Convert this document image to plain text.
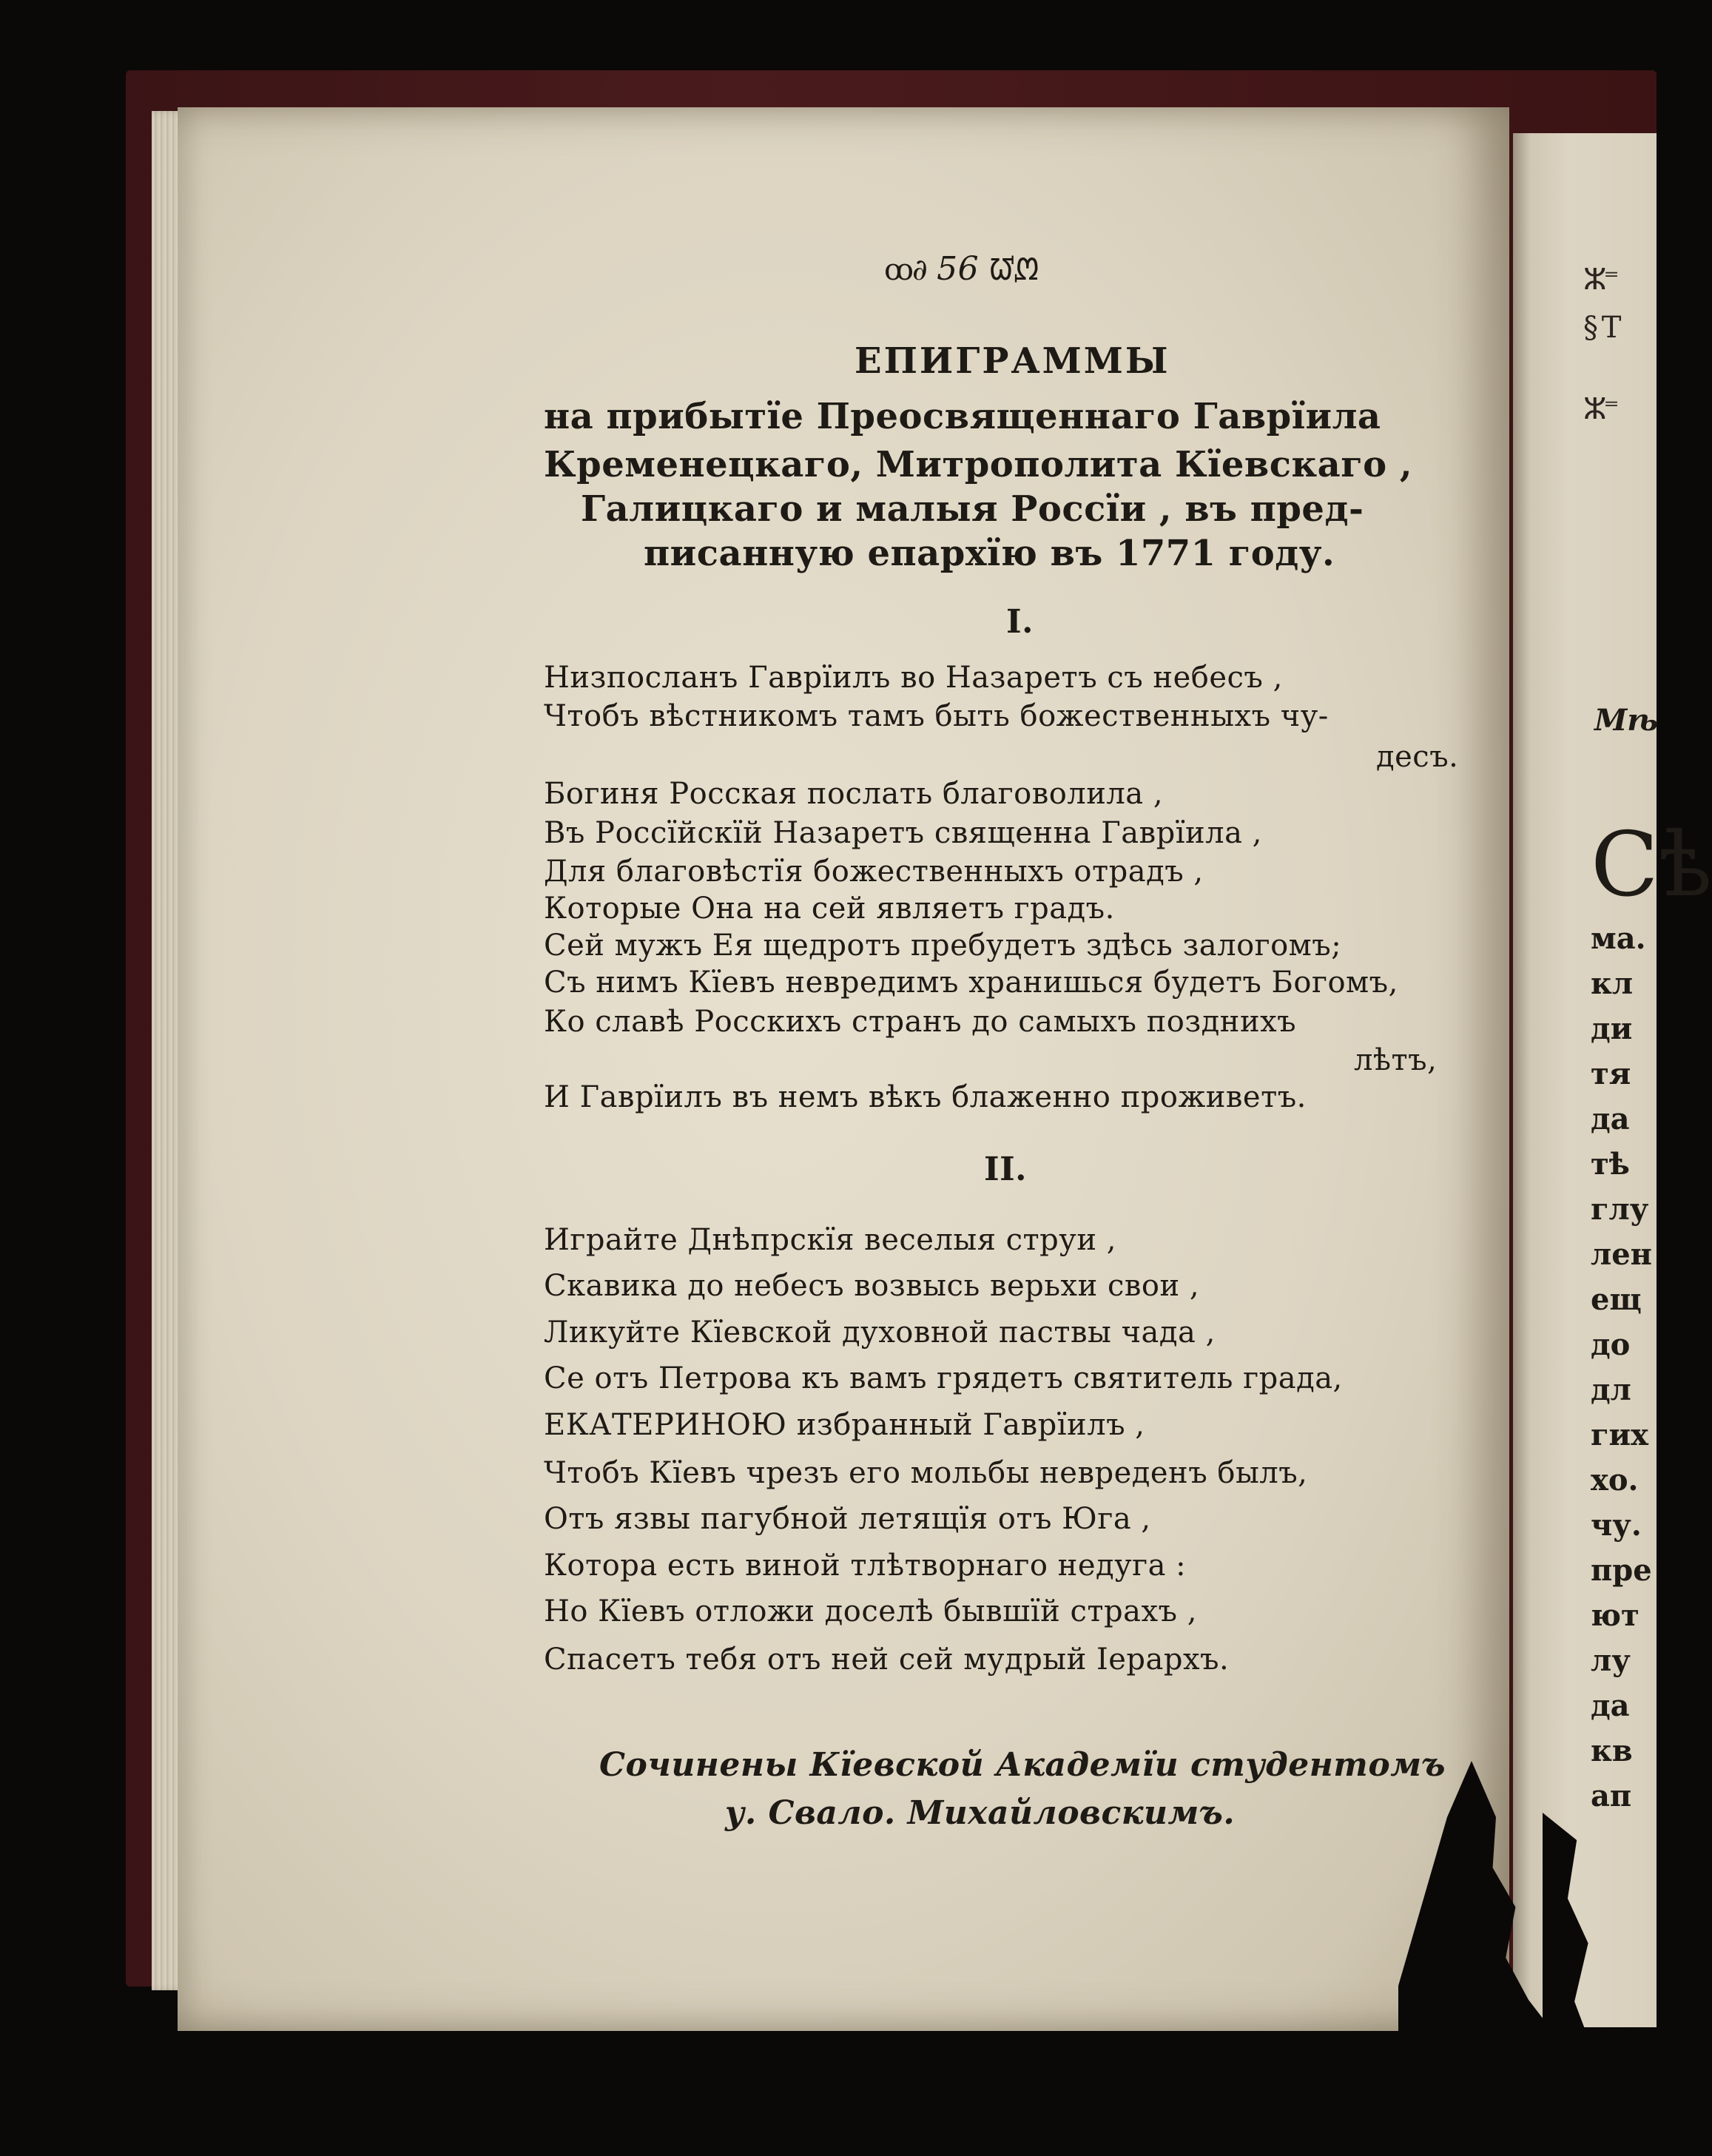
ꝏ∂ 56 ᘺᘻ
ЕПИГРАММЫ
на прибытїе Преосвященнаго Гаврїила
Кременецкаго, Митрополита Кїевскаго ,
Галицкаго и малыя Россїи , въ пред-
писанную епархїю въ 1771 году.
I.
Низпосланъ Гаврїилъ во Назаретъ съ небесъ ,
Чтобъ вѣстникомъ тамъ быть божественныхъ чу-
десъ.
Богиня Росская послать благоволила ,
Въ Россїйскїй Назаретъ священна Гаврїила ,
Для благовѣстїя божественныхъ отрадъ ,
Которые Она на сей являетъ градъ.
Сей мужъ Ея щедротъ пребудетъ здѣсь залогомъ;
Съ нимъ Кїевъ невредимъ хранишься будетъ Богомъ,
Ко славѣ Росскихъ странъ до самыхъ позднихъ
лѣтъ,
И Гаврїилъ въ немъ вѣкъ блаженно проживетъ.
II.
Играйте Днѣпрскїя веселыя струи ,
Скавика до небесъ возвысь верьхи свои ,
Ликуйте Кїевской духовной паствы чада ,
Се отъ Петрова къ вамъ грядетъ святитель града,
ЕКАТЕРИНОЮ избранный Гаврїилъ ,
Чтобъ Кїевъ чрезъ его мольбы невреденъ былъ,
Отъ язвы пагубной летящїя отъ Юга ,
Котора есть виной тлѣтворнаго недуга :
Но Кїевъ отложи доселѣ бывшїй страхъ ,
Спасетъ тебя отъ ней сей мудрый Іерархъ.
Сочинены Кїевской Академїи студентомъ
у. Свало. Михайловскимъ.
ⵣ⁼
§ Т
ⵣ⁼
Мѣ
Сѣ
ма.
кл
ди
тя
да
тѣ
глу
лен
ещ
до
дл
гих
хо.
чу.
пре
ют
лу
да
кв
ап
